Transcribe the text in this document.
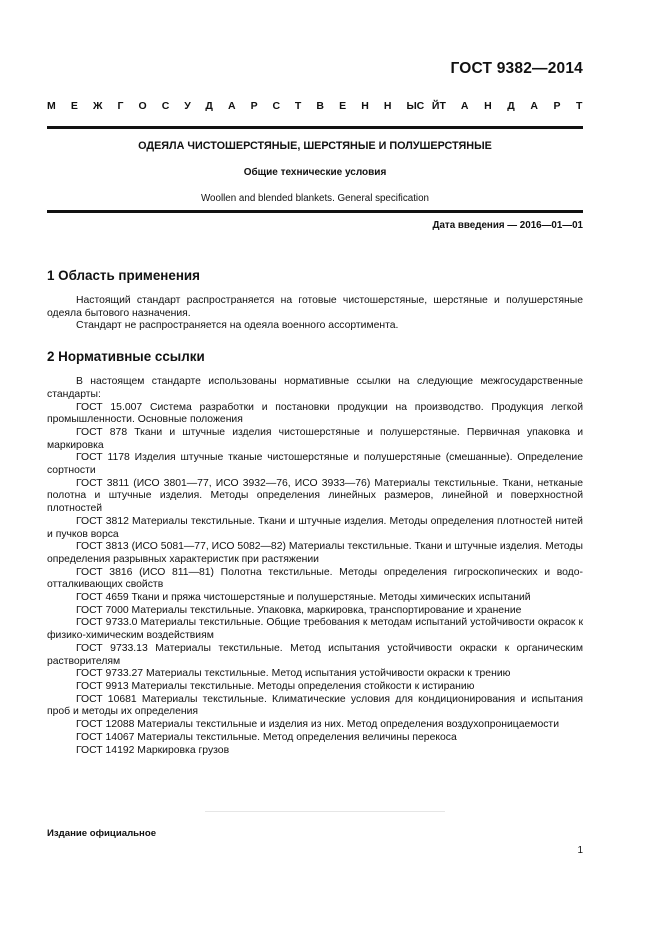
ГОСТ 9382—2014
МЕЖГОСУДАРСТВЕННЫЙ
СТАНДАРТ
ОДЕЯЛА ЧИСТОШЕРСТЯНЫЕ, ШЕРСТЯНЫЕ И ПОЛУШЕРСТЯНЫЕ
Общие технические условия
Woollen and blended blankets. General specification
Дата введения — 2016—01—01
1 Область применения

Настоящий стандарт распространяется на готовые чистошерстяные, шерстяные и полушерстяные одеяла бытового назначения.

Стандарт не распространяется на одеяла военного ассортимента.

2 Нормативные ссылки

В настоящем стандарте использованы нормативные ссылки на следующие межгосударственные стандарты:

ГОСТ 15.007 Система разработки и постановки продукции на производство. Продукция легкой промышленности. Основные положения

ГОСТ 878 Ткани и штучные изделия чистошерстяные и полушерстяные. Первичная упаковка и маркировка

ГОСТ 1178 Изделия штучные тканые чистошерстяные и полушерстяные (смешанные). Определение сортности

ГОСТ 3811 (ИСО 3801—77, ИСО 3932—76, ИСО 3933—76) Материалы текстильные. Ткани, нетканые полотна и штучные изделия. Методы определения линейных размеров, линейной и поверхностной плотностей

ГОСТ 3812 Материалы текстильные. Ткани и штучные изделия. Методы определения плотностей нитей и пучков ворса

ГОСТ 3813 (ИСО 5081—77, ИСО 5082—82) Материалы текстильные. Ткани и штучные изделия. Методы определения разрывных характеристик при растяжении

ГОСТ 3816 (ИСО 811—81) Полотна текстильные. Методы определения гигроскопических и водоотталкивающих свойств

ГОСТ 4659 Ткани и пряжа чистошерстяные и полушерстяные. Методы химических испытаний

ГОСТ 7000 Материалы текстильные. Упаковка, маркировка, транспортирование и хранение

ГОСТ 9733.0 Материалы текстильные. Общие требования к методам испытаний устойчивости окрасок к физико-химическим воздействиям

ГОСТ 9733.13 Материалы текстильные. Метод испытания устойчивости окраски к органическим растворителям

ГОСТ 9733.27 Материалы текстильные. Метод испытания устойчивости окраски к трению

ГОСТ 9913 Материалы текстильные. Методы определения стойкости к истиранию

ГОСТ 10681 Материалы текстильные. Климатические условия для кондиционирования и испытания проб и методы их определения

ГОСТ 12088 Материалы текстильные и изделия из них. Метод определения воздухопроницаемости

ГОСТ 14067 Материалы текстильные. Метод определения величины перекоса

ГОСТ 14192 Маркировка грузов

Издание официальное
1
